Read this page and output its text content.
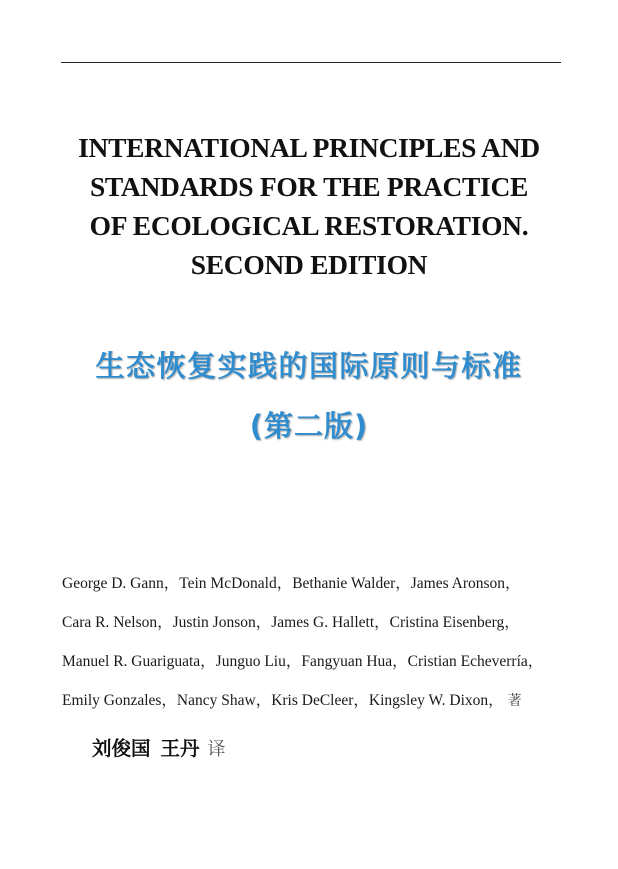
INTERNATIONAL PRINCIPLES AND
STANDARDS FOR THE PRACTICE
OF ECOLOGICAL RESTORATION.
SECOND EDITION
生态恢复实践的国际原则与标准
(第二版)
George D. Gann，Tein McDonald，Bethanie Walder，James Aronson，
Cara R. Nelson，Justin Jonson，James G. Hallett，Cristina Eisenberg，
Manuel R. Guariguata，Junguo Liu，Fangyuan Hua，Cristian Echeverría，
Emily Gonzales，Nancy Shaw，Kris DeCleer，Kingsley W. Dixon， 著
刘俊国 王丹 译
